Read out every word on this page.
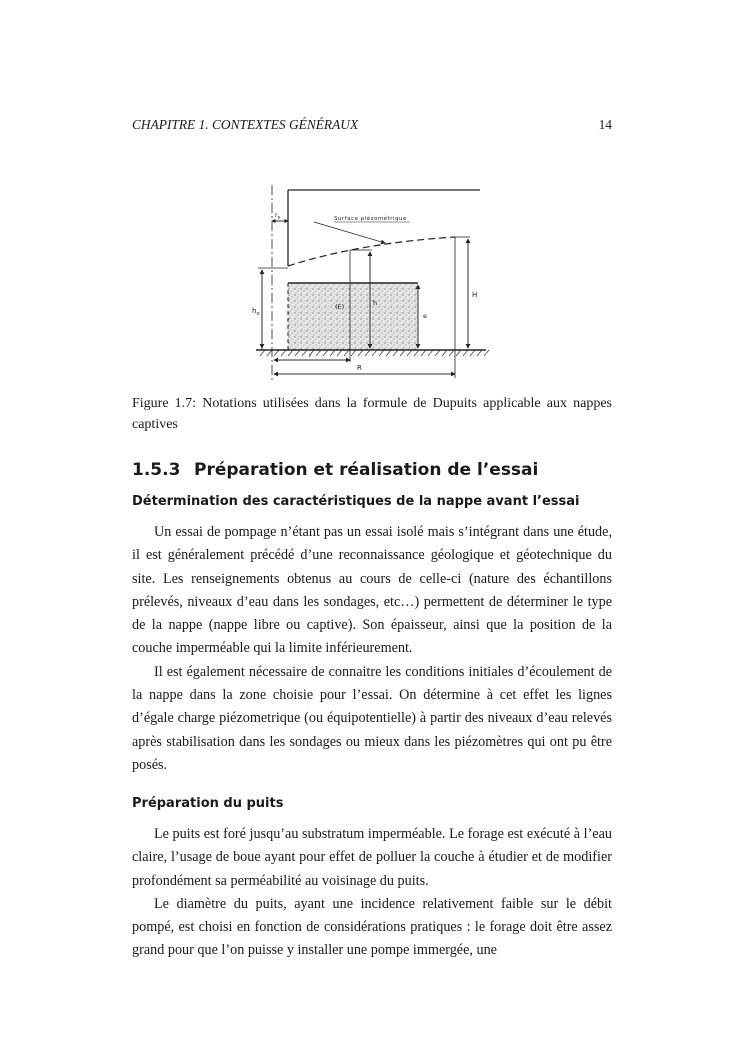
CHAPITRE 1. CONTEXTES GÉNÉRAUX	14
Surface piézométrique
$r_p$
$h_o$
(E)	h
e
H
r
R
Figure 1.7: Notations utilisées dans la formule de Dupuits applicable aux nappes captives
1.5.3 Préparation et réalisation de l’essai
Détermination des caractéristiques de la nappe avant l’essai

Un essai de pompage n’étant pas un essai isolé mais s’intégrant dans une étude, il est généralement précédé d’une reconnaissance géologique et géotechnique du site. Les renseignements obtenus au cours de celle-ci (nature des échantillons prélevés, niveaux d’eau dans les sondages, etc…) permettent de déterminer le type de la nappe (nappe libre ou captive). Son épaisseur, ainsi que la position de la couche imperméable qui la limite inférieurement.

Il est également nécessaire de connaitre les conditions initiales d’écoulement de la nappe dans la zone choisie pour l’essai. On détermine à cet effet les lignes d’égale charge piézometrique (ou équipotentielle) à partir des niveaux d’eau relevés après stabilisation dans les sondages ou mieux dans les piézomètres qui ont pu être posés.

Préparation du puits

Le puits est foré jusqu’au substratum imperméable. Le forage est exécuté à l’eau claire, l’usage de boue ayant pour effet de polluer la couche à étudier et de modifier profondément sa perméabilité au voisinage du puits.

Le diamètre du puits, ayant une incidence relativement faible sur le débit pompé, est choisi en fonction de considérations pratiques : le forage doit être assez grand pour que l’on puisse y installer une pompe immergée, une
